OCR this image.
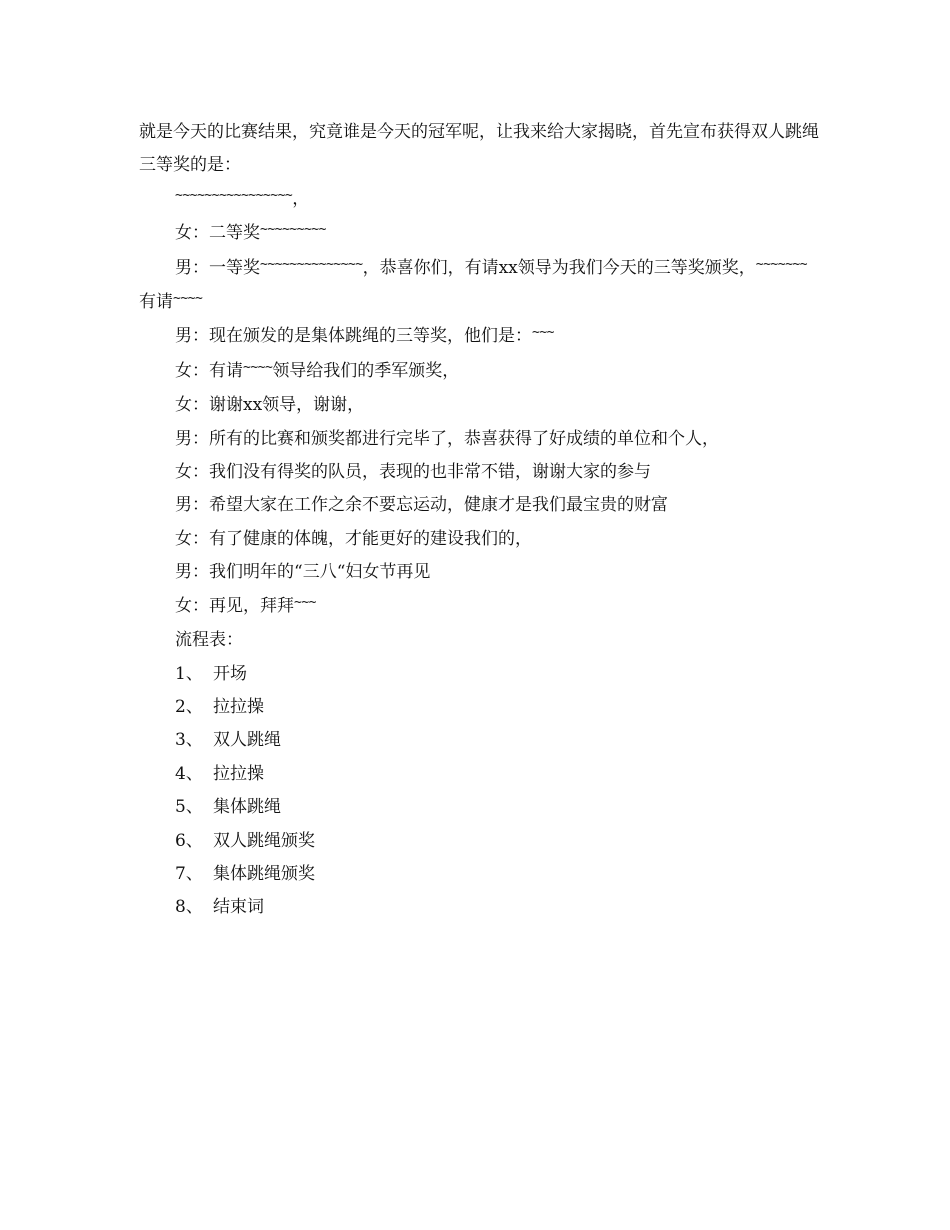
就是今天的比赛结果，究竟谁是今天的冠军呢，让我来给大家揭晓，首先宣布获得双人跳绳三等奖的是：

~~~~~~~~~~~~~~~~，

女：二等奖~~~~~~~~~

男：一等奖~~~~~~~~~~~~~~，恭喜你们，有请xx领导为我们今天的三等奖颁奖，~~~~~~~有请~~~~

男：现在颁发的是集体跳绳的三等奖，他们是：~~~

女：有请~~~~领导给我们的季军颁奖，

女：谢谢xx领导，谢谢，

男：所有的比赛和颁奖都进行完毕了，恭喜获得了好成绩的单位和个人，

女：我们没有得奖的队员，表现的也非常不错，谢谢大家的参与

男：希望大家在工作之余不要忘运动，健康才是我们最宝贵的财富

女：有了健康的体魄，才能更好的建设我们的，

男：我们明年的“三八“妇女节再见

女：再见，拜拜~~~

流程表：

1、 开场
2、 拉拉操
3、 双人跳绳
4、 拉拉操
5、 集体跳绳
6、 双人跳绳颁奖
7、 集体跳绳颁奖
8、 结束词
